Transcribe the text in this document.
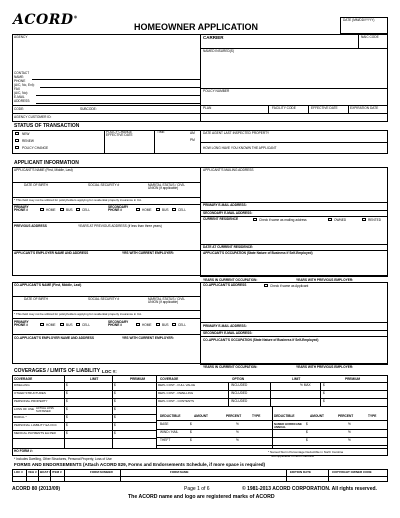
ACORD®
HOMEOWNER APPLICATION
DATE (MM/DD/YYYY)
AGENCY	CARRIER	NAIC CODE
NAMED INSURED(S)
CONTACT
NAME:
PHONE
(A/C, No, Ext):
FAX
(A/C, No):
E-MAIL
ADDRESS:
CODE:	SUBCODE:
AGENCY CUSTOMER ID:
POLICY NUMBER
PLAN	FACILITY CODE	EFFECTIVE DATE	EXPIRATION DATE
STATUS OF TRANSACTION
NEW
RENEW
POLICY CHANGE
POLICY CHANGE EFFECTIVE DATE
TIME	AM
PM
DATE AGENT LAST INSPECTED PROPERTY
HOW LONG HAVE YOU KNOWN THE APPLICANT
APPLICANT INFORMATION
APPLICANT'S NAME (First, Middle, Last)	APPLICANT'S MAILING ADDRESS
DATE OF BIRTH	SOCIAL SECURITY #	MARITAL STATUS / CIVIL UNION (if applicable)
* This field may not be utilized for policyholders applying for residential property insurance in CA.
PRIMARY PHONE #	HOME	BUS	CELL
SECONDARY PHONE #	HOME	BUS	CELL
PREVIOUS ADDRESS	YEARS AT PREVIOUS ADDRESS (if less than three years)
APPLICANT'S EMPLOYER NAME AND ADDRESS	YRS WITH CURRENT EMPLOYER:
PRIMARY E-MAIL ADDRESS:
SECONDARY E-MAIL ADDRESS:
CURRENT RESIDENCE	Check if same as mailing address	OWNED	RENTED
DATE AT CURRENT RESIDENCE:
APPLICANT'S OCCUPATION (State Nature of Business if Self-Employed)
YEARS IN CURRENT OCCUPATION:	YEARS WITH PREVIOUS EMPLOYER:
CO-APPLICANT'S NAME (First, Middle, Last)	CO-APPLICANT'S ADDRESS	Check if same as Applicant
DATE OF BIRTH	SOCIAL SECURITY #	MARITAL STATUS / CIVIL UNION (if applicable)
* This field may not be utilized for policyholders applying for residential property insurance in CA.
PRIMARY PHONE #	HOME	BUS	CELL
SECONDARY PHONE #	HOME	BUS	CELL
CO-APPLICANT'S EMPLOYER NAME AND ADDRESS	YRS WITH CURRENT EMPLOYER:
PRIMARY E-MAIL ADDRESS:
SECONDARY E-MAIL ADDRESS:
CO-APPLICANT'S OCCUPATION (State Nature of Business if Self-Employed)
YEARS IN CURRENT OCCUPATION:	YEARS WITH PREVIOUS EMPLOYER:
COVERAGES / LIMITS OF LIABILITY LOC #:
COVERAGE	LIMIT	PREMIUM	COVERAGE	OPTION	LIMIT	PREMIUM
DEDUCTIBLE	AMOUNT	PERCENT	TYPE	DEDUCTIBLE	AMOUNT	PERCENT	TYPE
NAMED HURRICANE ANNUAL
HO FORM #:
* Includes Dwelling, Other Structures, Personal Property, Loss of Use
* Named Storm Percentage Deductible in North Carolina
** Not Applicable in North Carolina
FORMS AND ENDORSEMENTS (Attach ACORD 829, Forms and Endorsements Schedule, if more space is required)
ACORD 80 (2013/09)	Page 1 of 6	© 1981-2013 ACORD CORPORATION. All rights reserved.
The ACORD name and logo are registered marks of ACORD
DWELLING	$	$
OTHER STRUCTURES	$	$
PERSONAL PROPERTY	$	$
LOSS OF USE	$	$
BURIAL *	$	$
PERSONAL LIABILITY EA OCC	$	$
MEDICAL PAYMENTS EA PER	$	$
ACTUAL LOSS SUSTAINED
REPL COST - FULL VALUE	INCLUDED	$
REPL COST - DWELLING	INCLUDED	$
REPL COST - CONTENTS	INCLUDED	$
% MAX
BASE	$	%	$	%
WIND / HAIL	$	%	$	%
THEFT	$	%	$	%
LOC # VEH # BOAT # ITEM #	FORM NUMBER	FORM NAME	EDITION DATE	COPYRIGHT OWNER CODE
